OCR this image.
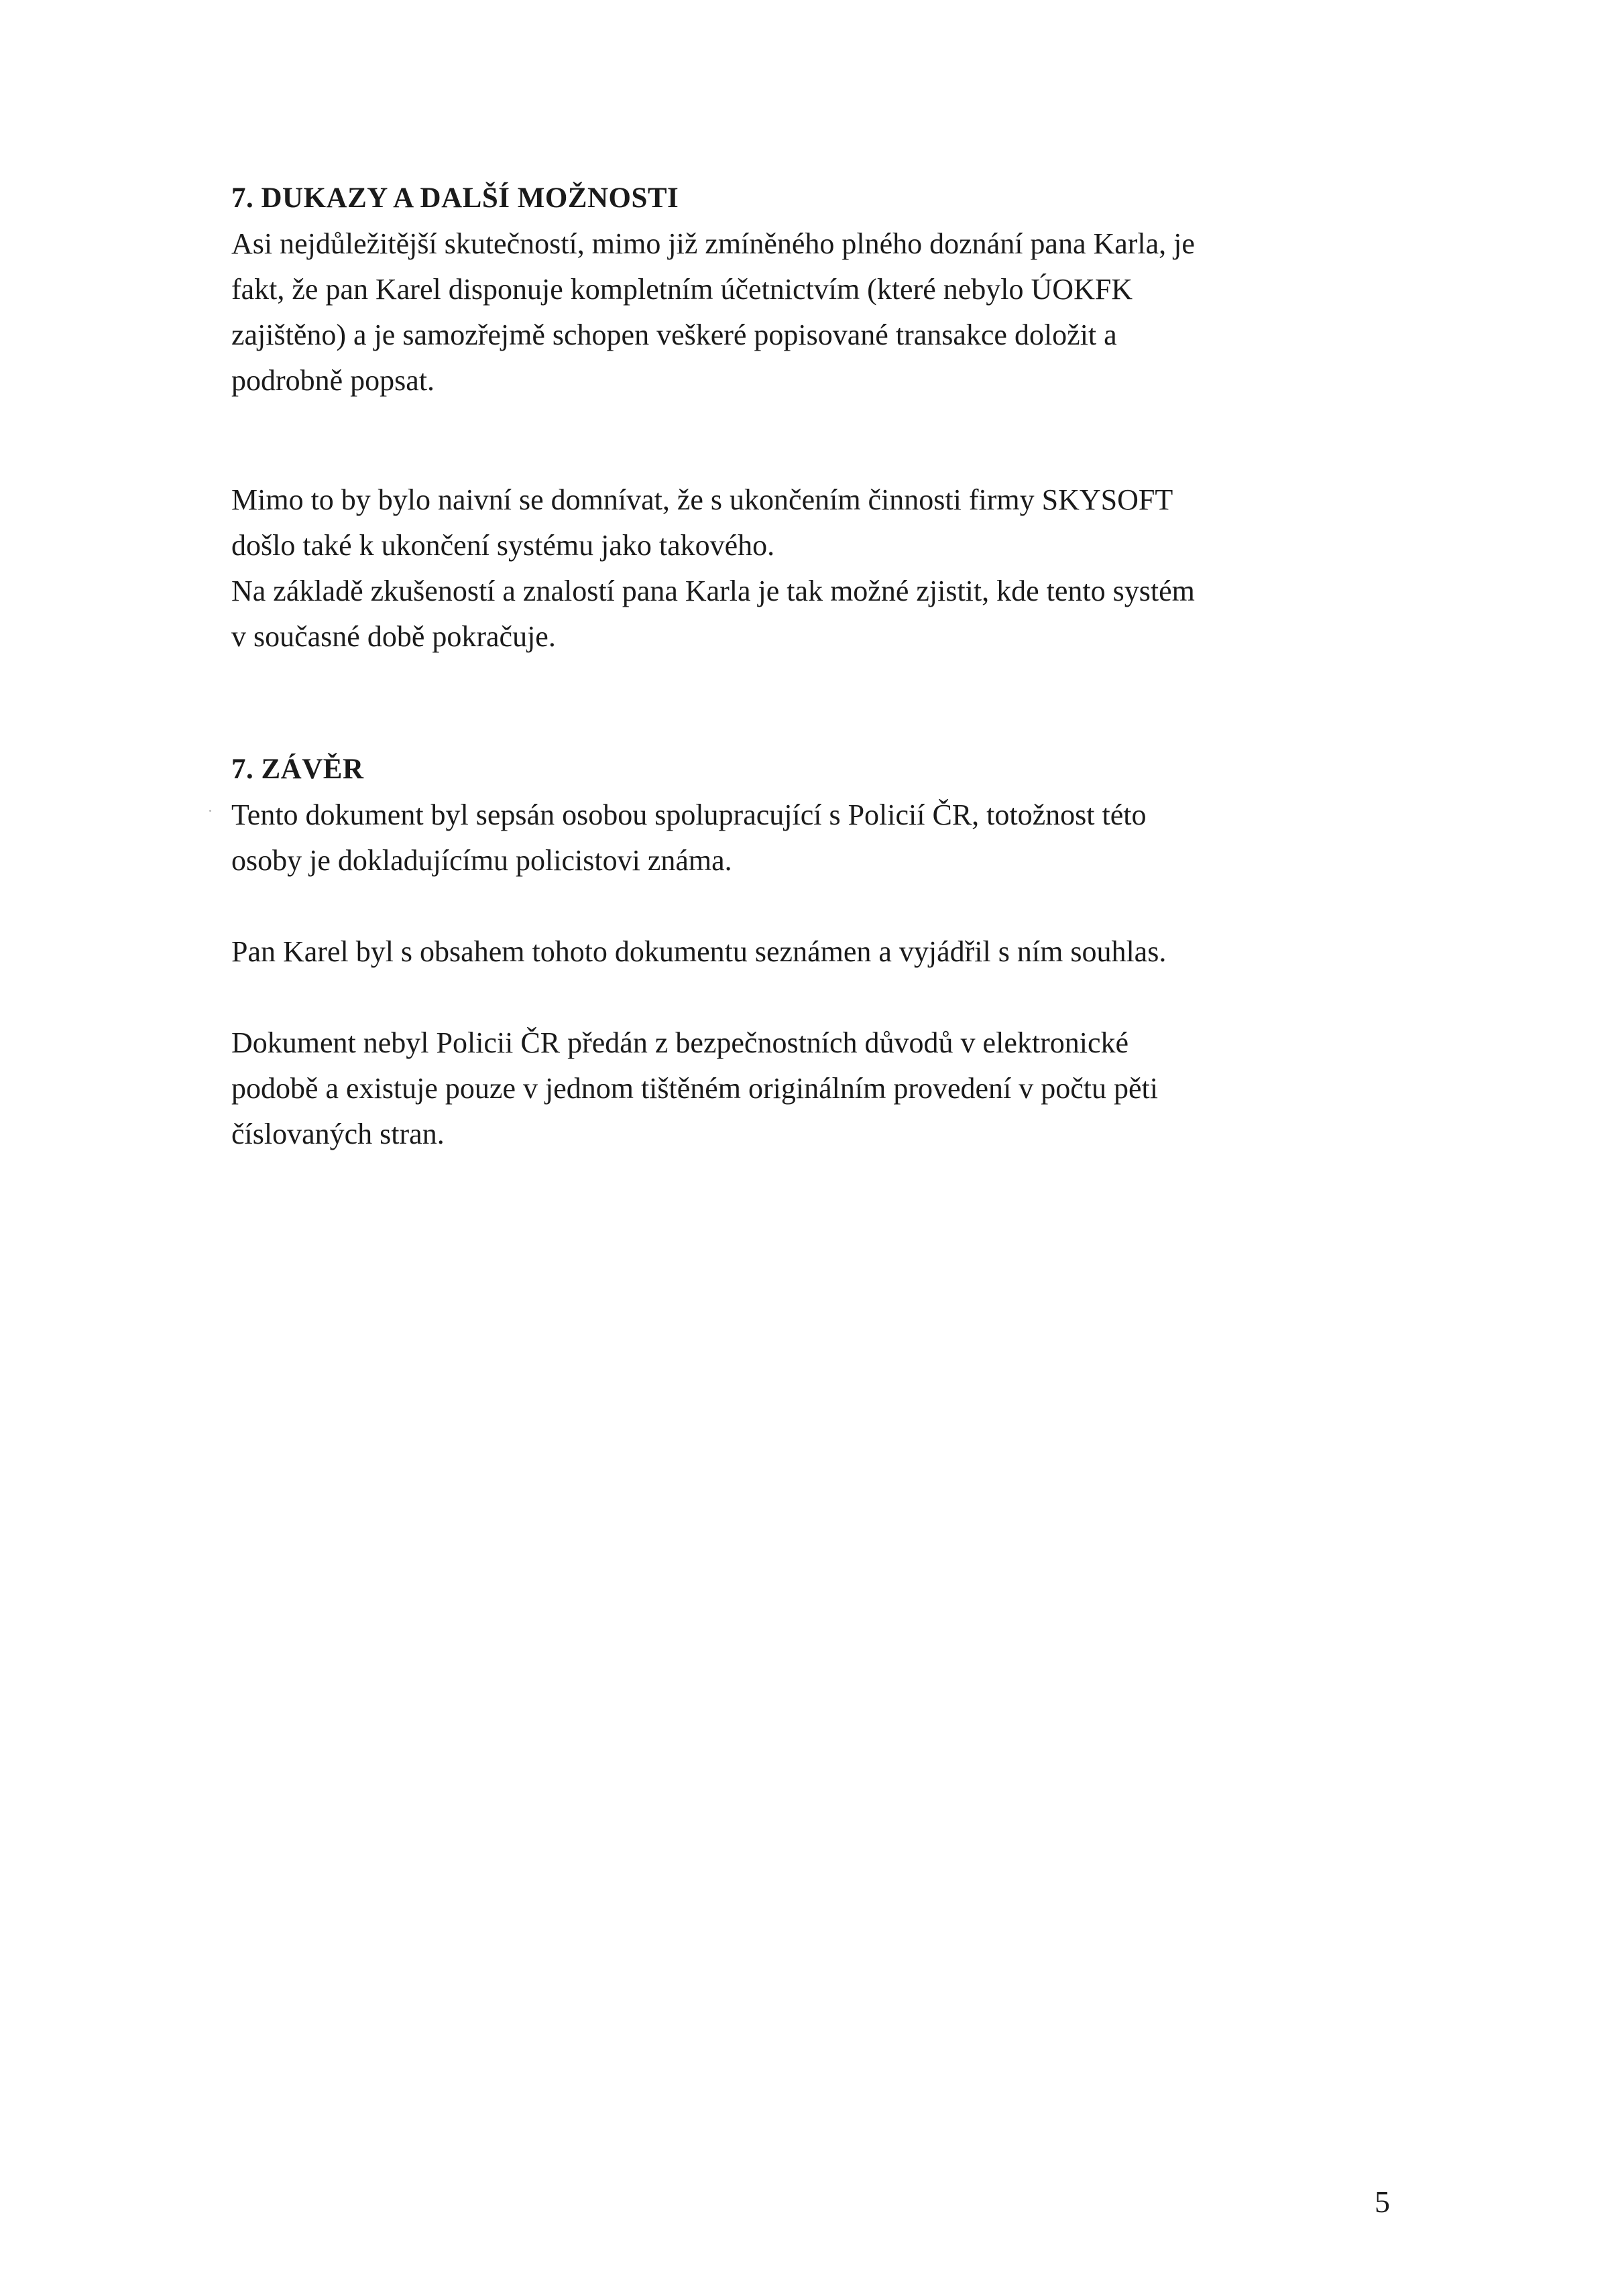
7. DUKAZY A DALŠÍ MOŽNOSTI

Asi nejdůležitější skutečností, mimo již zmíněného plného doznání pana Karla, je
fakt, že pan Karel disponuje kompletním účetnictvím (které nebylo ÚOKFK
zajištěno) a je samozřejmě schopen veškeré popisované transakce doložit a
podrobně popsat.

Mimo to by bylo naivní se domnívat, že s ukončením činnosti firmy SKYSOFT
došlo také k ukončení systému jako takového.
Na základě zkušeností a znalostí pana Karla je tak možné zjistit, kde tento systém
v současné době pokračuje.

7. ZÁVĚR

Tento dokument byl sepsán osobou spolupracující s Policií ČR, totožnost této
osoby je dokladujícímu policistovi známa.

Pan Karel byl s obsahem tohoto dokumentu seznámen a vyjádřil s ním souhlas.

Dokument nebyl Policii ČR předán z bezpečnostních důvodů v elektronické
podobě a existuje pouze v jednom tištěném originálním provedení v počtu pěti
číslovaných stran.

5
